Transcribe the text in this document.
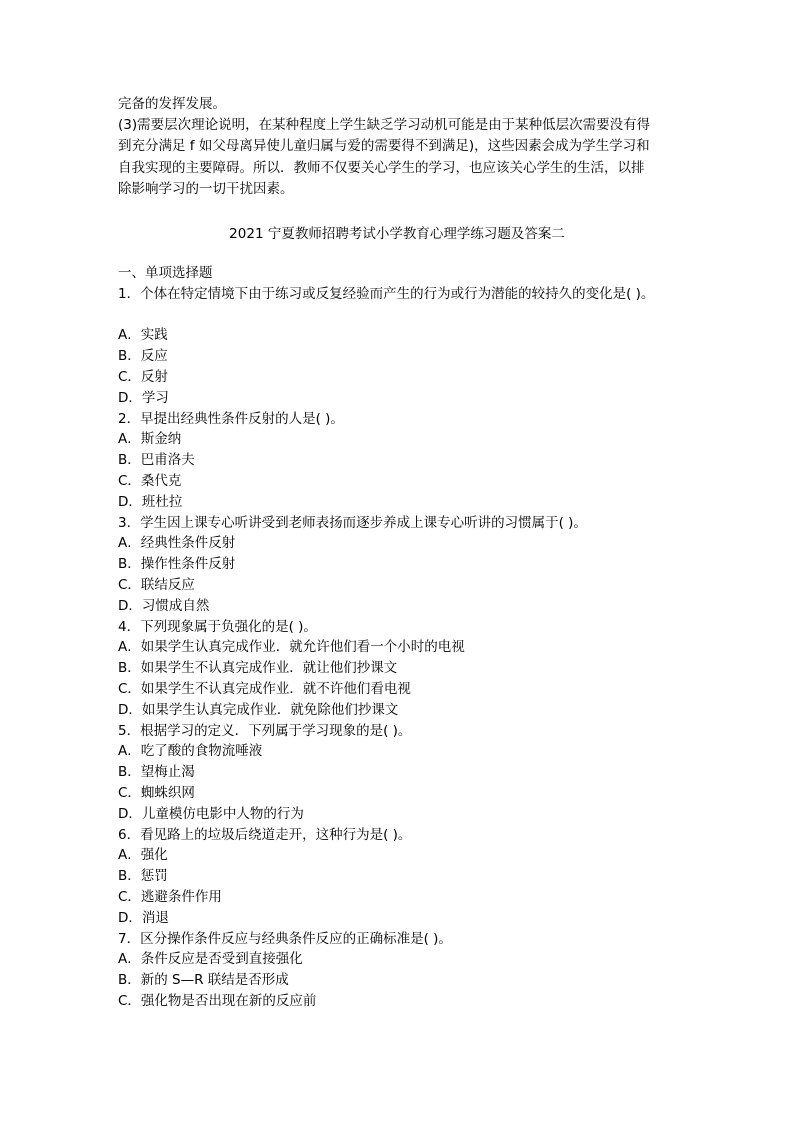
完备的发挥发展。

(3)需要层次理论说明，在某种程度上学生缺乏学习动机可能是由于某种低层次需要没有得

到充分满足 f 如父母离异使儿童归属与爱的需要得不到满足)，这些因素会成为学生学习和

自我实现的主要障碍。所以．教师不仅要关心学生的学习，也应该关心学生的生活，以排

除影响学习的一切干扰因素。

2021 宁夏教师招聘考试小学教育心理学练习题及答案二
一、单项选择题
1．个体在特定情境下由于练习或反复经验而产生的行为或行为潜能的较持久的变化是( )。
A．实践
B．反应
C．反射
D．学习
2．早提出经典性条件反射的人是( )。
A．斯金纳
B．巴甫洛夫
C．桑代克
D．班杜拉
3．学生因上课专心听讲受到老师表扬而逐步养成上课专心听讲的习惯属于( )。
A．经典性条件反射
B．操作性条件反射
C．联结反应
D．习惯成自然
4．下列现象属于负强化的是( )。
A．如果学生认真完成作业．就允许他们看一个小时的电视
B．如果学生不认真完成作业．就让他们抄课文
C．如果学生不认真完成作业．就不许他们看电视
D．如果学生认真完成作业．就免除他们抄课文
5．根据学习的定义．下列属于学习现象的是( )。
A．吃了酸的食物流唾液
B．望梅止渴
C．蜘蛛织网
D．儿童模仿电影中人物的行为
6．看见路上的垃圾后绕道走开，这种行为是( )。
A．强化
B．惩罚
C．逃避条件作用
D．消退
7．区分操作条件反应与经典条件反应的正确标准是( )。
A．条件反应是否受到直接强化
B．新的 S—R 联结是否形成
C．强化物是否出现在新的反应前
